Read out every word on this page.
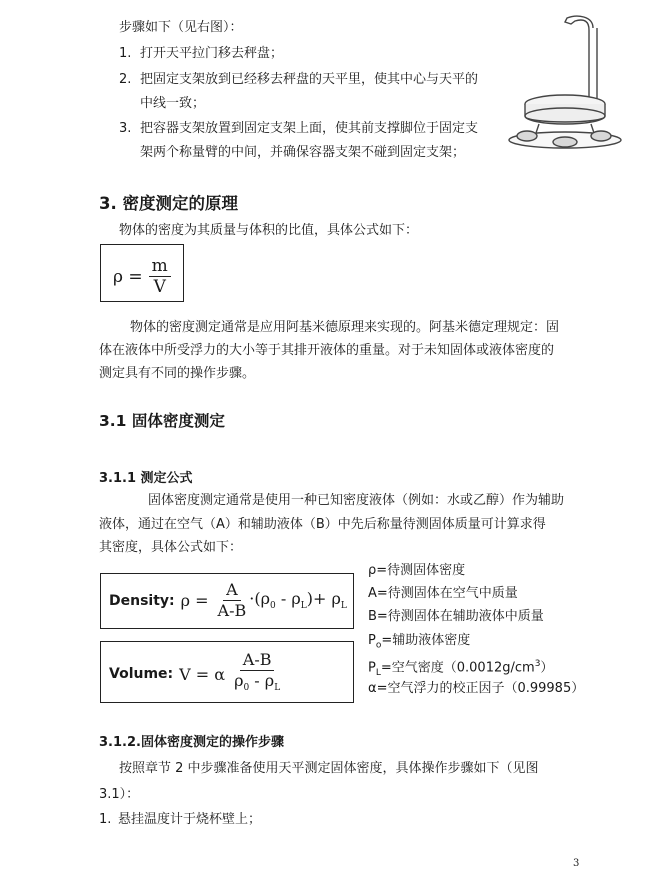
步骤如下（见右图）：
1. 打开天平拉门移去秤盘；
2. 把固定支架放到已经移去秤盘的天平里，使其中心与天平的
中线一致；
3. 把容器支架放置到固定支架上面，使其前支撑脚位于固定支
架两个称量臂的中间，并确保容器支架不碰到固定支架；
3. 密度测定的原理
物体的密度为其质量与体积的比值，具体公式如下：
$\rho = \frac{m}{V}$
物体的密度测定通常是应用阿基米德原理来实现的。阿基米德定理规定：固
体在液体中所受浮力的大小等于其排开液体的重量。对于未知固体或液体密度的
测定具有不同的操作步骤。
3.1 固体密度测定
3.1.1 测定公式
固体密度测定通常是使用一种已知密度液体（例如：水或乙醇）作为辅助
液体，通过在空气（A）和辅助液体（B）中先后称量待测固体质量可计算求得
其密度，具体公式如下：
Density: $\rho = \frac{A}{A-B} \cdot(\rho_0 - \rho_L)+ \rho_L$
Volume: V = α $\frac{A-B}{\rho_0 - \rho_L}$
ρ=待测固体密度
A=待测固体在空气中质量
B=待测固体在辅助液体中质量
$P_o=$辅助液体密度
$P_L=$空气密度$(0.0012g/cm^3)$
α=空气浮力的校正因子（0.99985）
3.1.2.固体密度测定的操作步骤
按照章节 2 中步骤准备使用天平测定固体密度，具体操作步骤如下（见图
3.1）：
1. 悬挂温度计于烧杯壁上；
3
